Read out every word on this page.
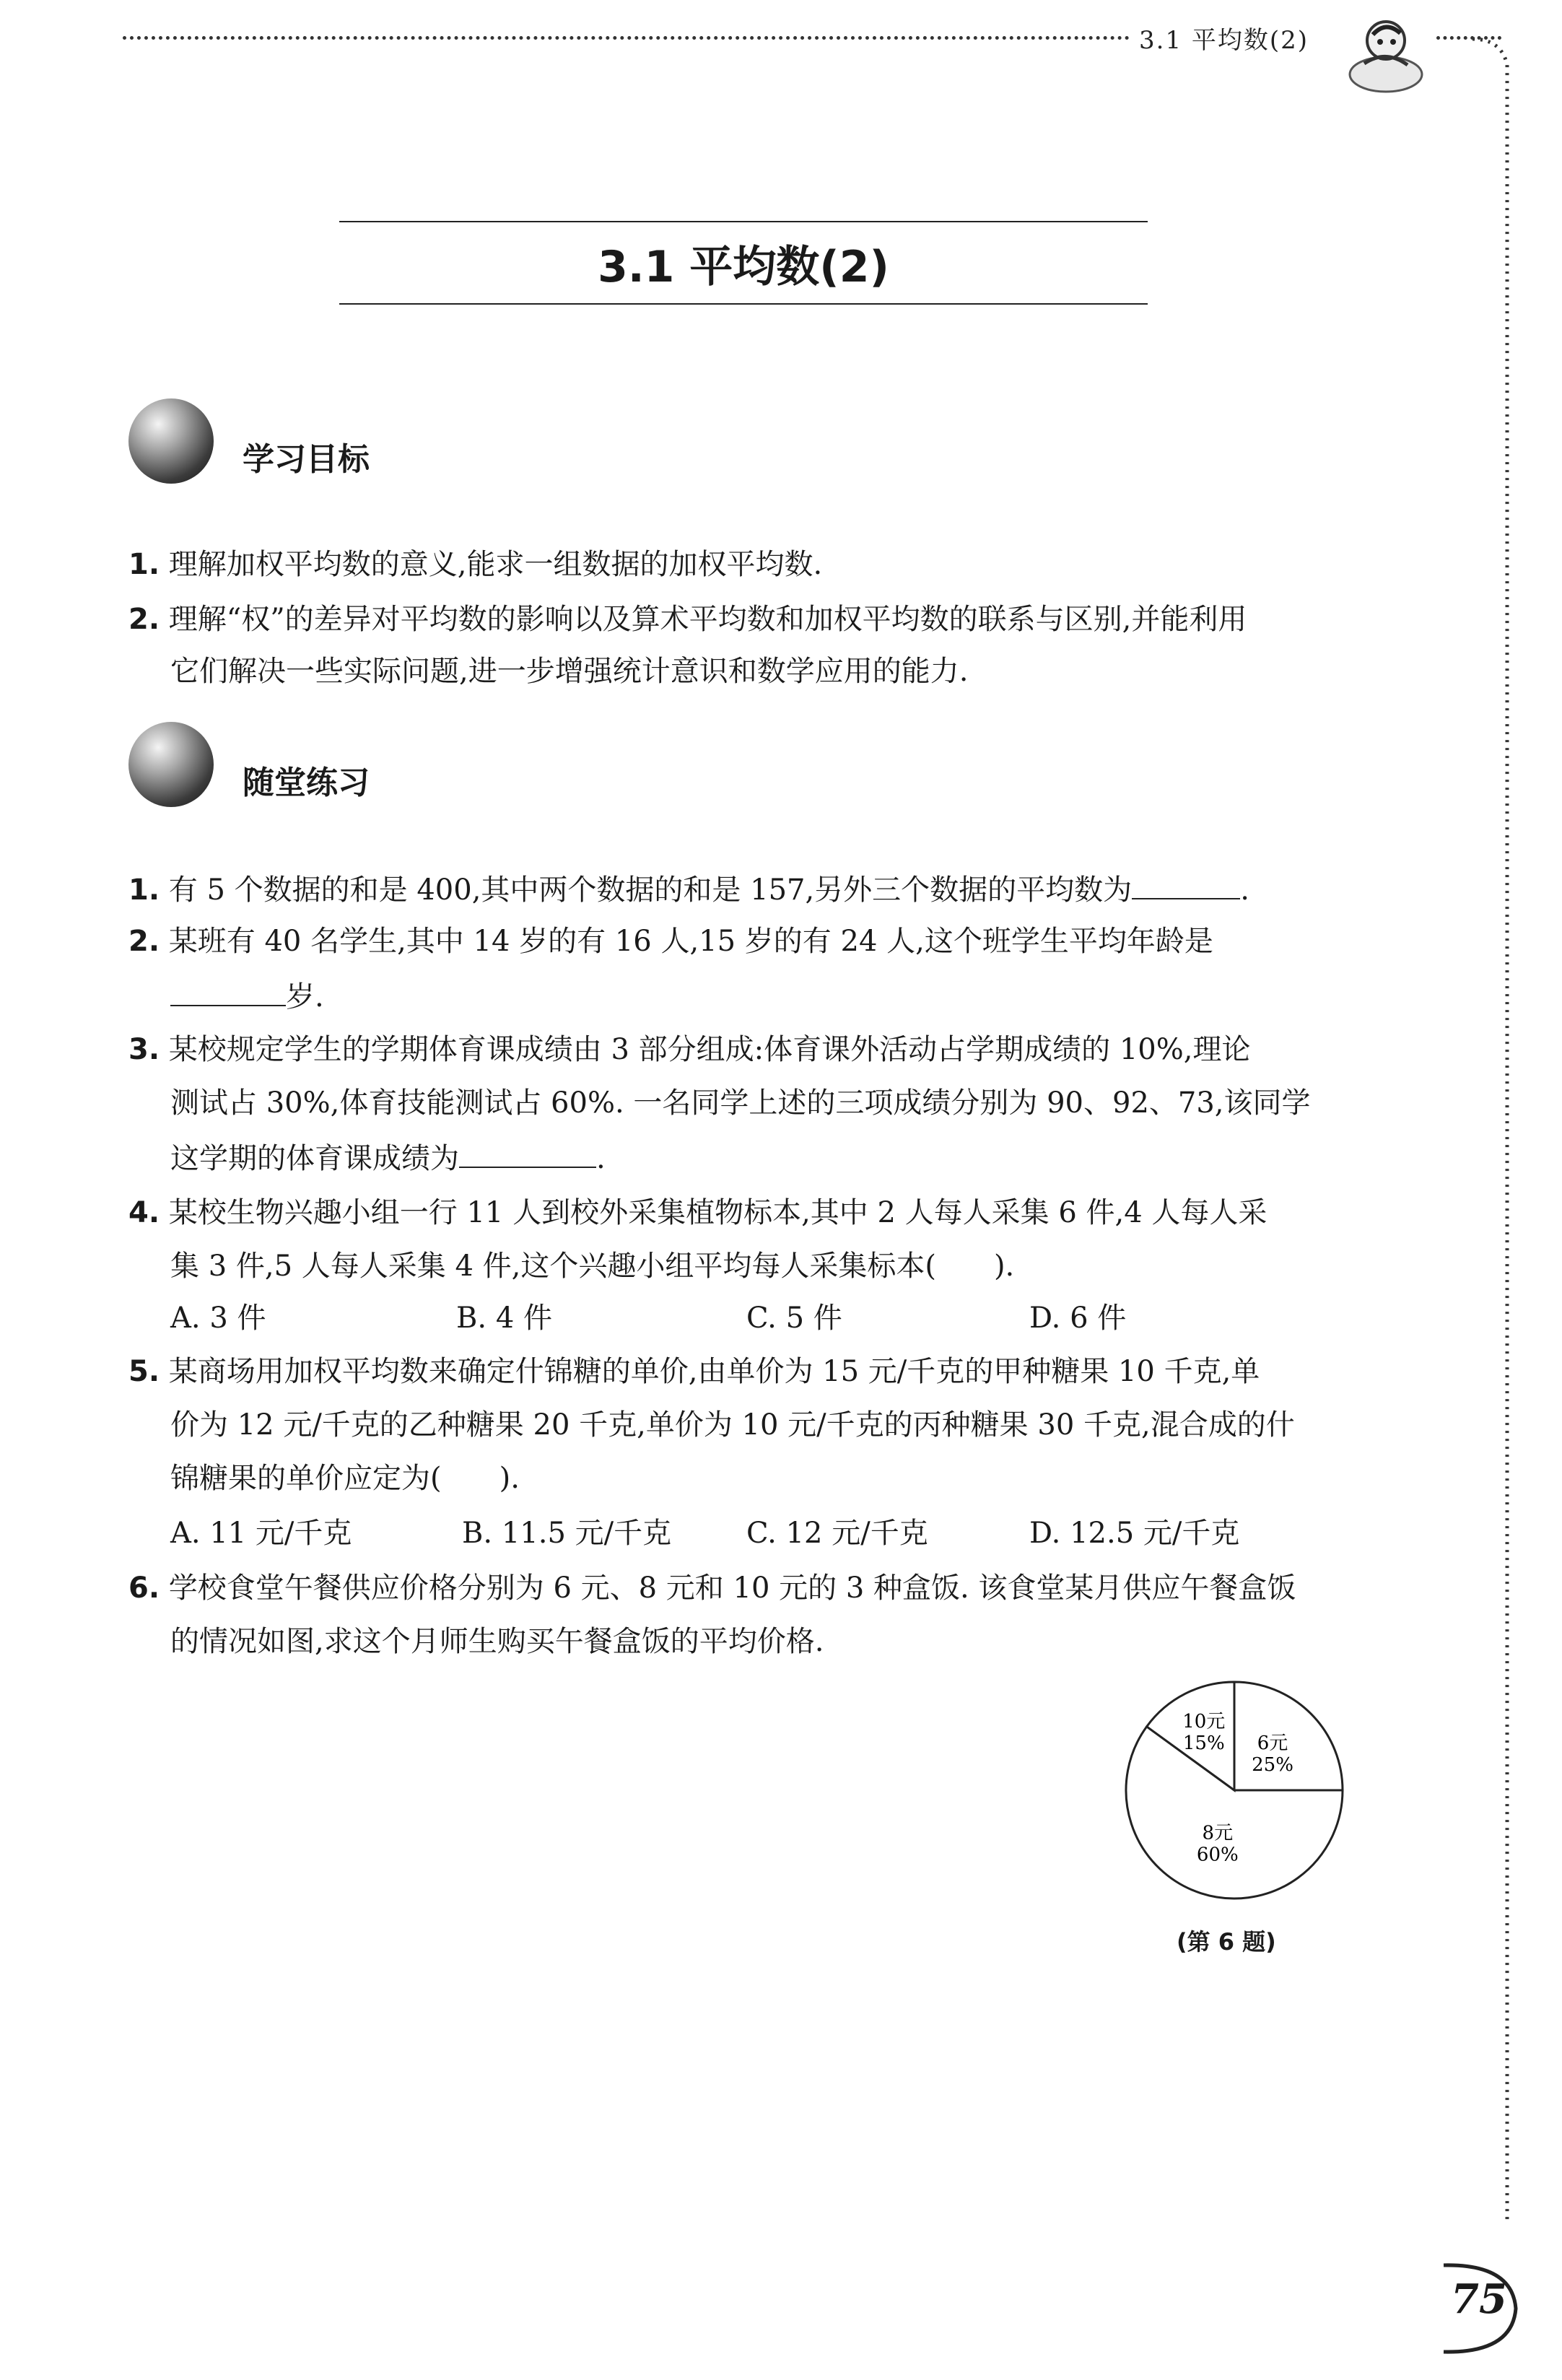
3.1 平均数(2)
3.1 平均数(2)
学习目标
1. 理解加权平均数的意义,能求一组数据的加权平均数.
2. 理解“权”的差异对平均数的影响以及算术平均数和加权平均数的联系与区别,并能利用
它们解决一些实际问题,进一步增强统计意识和数学应用的能力.
随堂练习
1. 有 5 个数据的和是 400,其中两个数据的和是 157,另外三个数据的平均数为	.
2. 某班有 40 名学生,其中 14 岁的有 16 人,15 岁的有 24 人,这个班学生平均年龄是
岁.
3. 某校规定学生的学期体育课成绩由 3 部分组成:体育课外活动占学期成绩的 10%,理论
测试占 30%,体育技能测试占 60%. 一名同学上述的三项成绩分别为 90、92、73,该同学
这学期的体育课成绩为	.
4. 某校生物兴趣小组一行 11 人到校外采集植物标本,其中 2 人每人采集 6 件,4 人每人采
集 3 件,5 人每人采集 4 件,这个兴趣小组平均每人采集标本(　　).
A. 3 件	B. 4 件	C. 5 件	D. 6 件
5. 某商场用加权平均数来确定什锦糖的单价,由单价为 15 元/千克的甲种糖果 10 千克,单
价为 12 元/千克的乙种糖果 20 千克,单价为 10 元/千克的丙种糖果 30 千克,混合成的什
锦糖果的单价应定为(　　).
A. 11 元/千克	B. 11.5 元/千克	C. 12 元/千克	D. 12.5 元/千克
6. 学校食堂午餐供应价格分别为 6 元、8 元和 10 元的 3 种盒饭. 该食堂某月供应午餐盒饭
的情况如图,求这个月师生购买午餐盒饭的平均价格.
6元
25%
8元
60%
10元
15%
(第 6 题)
75
